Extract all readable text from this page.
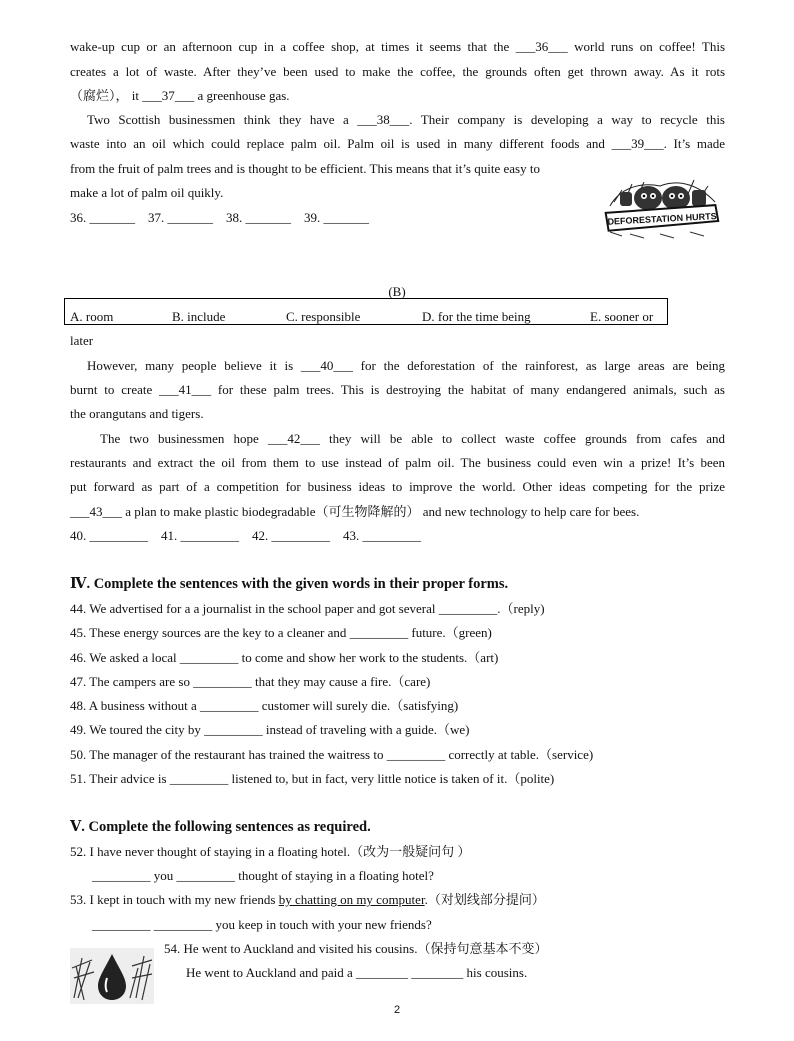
wake-up cup or an afternoon cup in a coffee shop, at times it seems that the ___36___ world runs on coffee! This
creates a lot of waste. After they’ve been used to make the coffee, the grounds often get thrown away. As it rots
（腐烂）， it ___37___ a greenhouse gas.
Two Scottish businessmen think they have a ___38___. Their company is developing a way to recycle this
waste into an oil which could replace palm oil. Palm oil is used in many different foods and ___39___. It’s made
from the fruit of palm trees and is thought to be efficient. This means that it’s quite easy to
make a lot of palm oil quikly.
36. _______    37. _______    38. _______    39. _______	DEFORESTATION HURTS
(B)
A. room	B. include	C. responsible	D. for the time being	E. sooner or
later
However, many people believe it is ___40___ for the deforestation of the rainforest, as large areas are being
burnt to create ___41___ for these palm trees. This is destroying the habitat of many endangered animals, such as
the orangutans and tigers.
The two businessmen hope ___42___ they will be able to collect waste coffee grounds from cafes and
restaurants and extract the oil from them to use instead of palm oil. The business could even win a prize! It’s been
put forward as part of a competition for business ideas to improve the world. Other ideas competing for the prize
___43___ a plan to make plastic biodegradable（可生物降解的） and new technology to help care for bees.
40. _________    41. _________    42. _________    43. _________
Ⅳ. Complete the sentences with the given words in their proper forms.
44. We advertised for a a journalist in the school paper and got several _________.（reply)
45. These energy sources are the key to a cleaner and _________ future.（green)
46. We asked a local _________ to come and show her work to the students.（art)
47. The campers are so _________ that they may cause a fire.（care)
48. A business without a _________ customer will surely die.（satisfying)
49. We toured the city by _________ instead of traveling with a guide.（we)
50. The manager of the restaurant has trained the waitress to _________ correctly at table.（service)
51. Their advice is _________ listened to, but in fact, very little notice is taken of it.（polite)
Ⅴ. Complete the following sentences as required.
52. I have never thought of staying in a floating hotel.（改为一般疑问句 ）
_________ you _________ thought of staying in a floating hotel?
53. I kept in touch with my new friends by chatting on my computer.（对划线部分提问）
_________ _________ you keep in touch with your new friends?
54. He went to Auckland and visited his cousins.（保持句意基本不变）
He went to Auckland and paid a ________ ________ his cousins.
2
